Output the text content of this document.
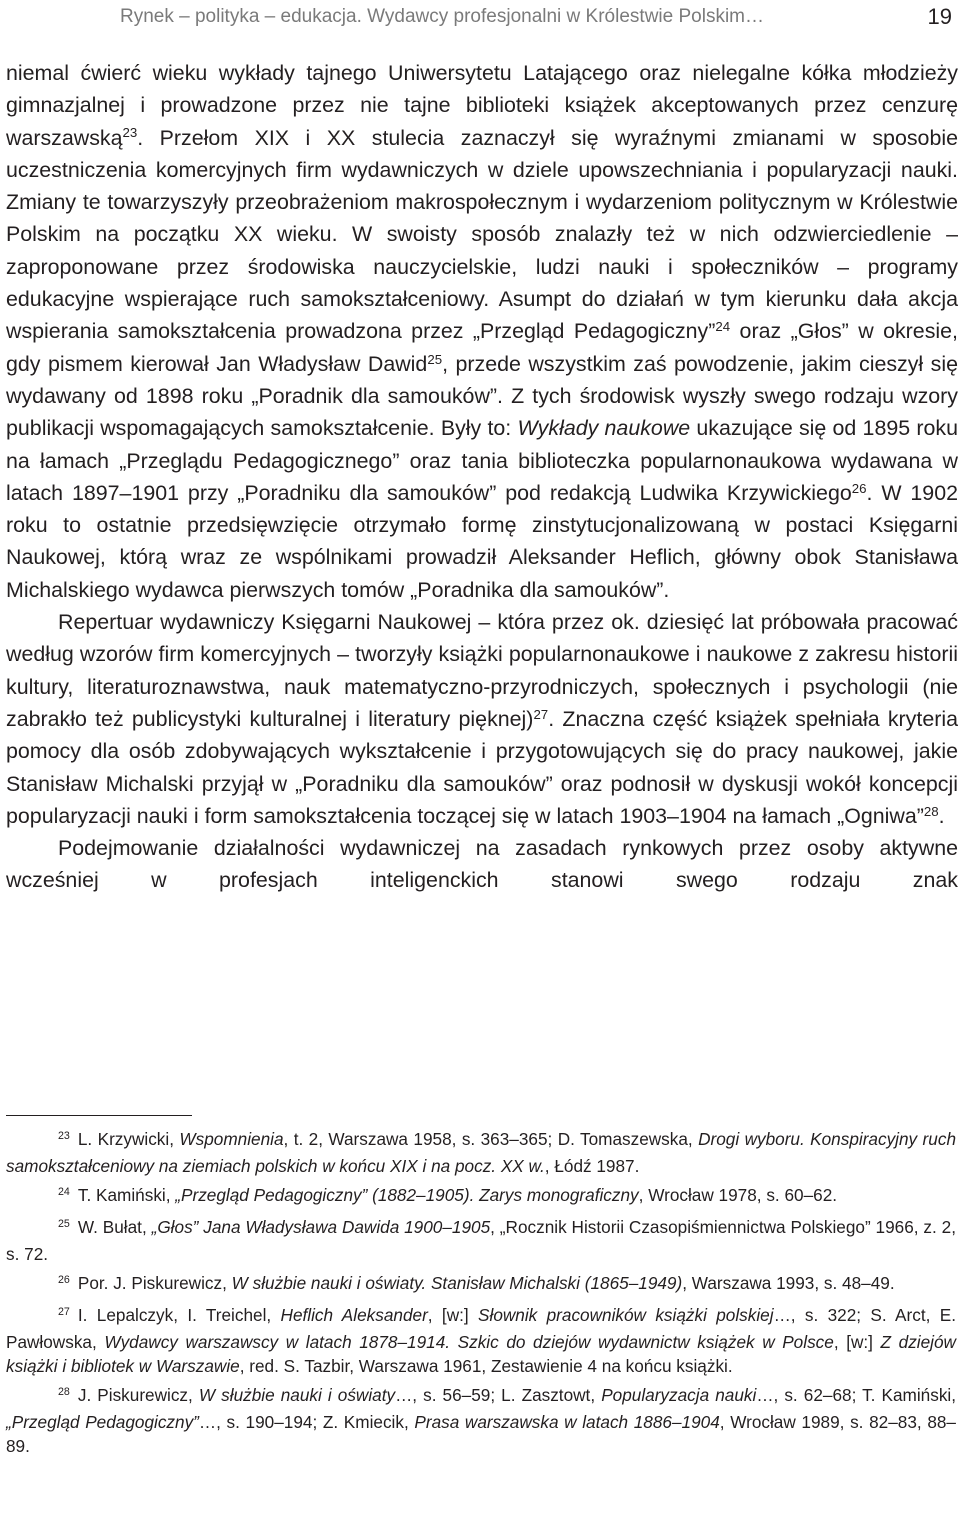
Rynek – polityka – edukacja. Wydawcy profesjonalni w Królestwie Polskim…	19

niemal ćwierć wieku wykłady tajnego Uniwersytetu Latającego oraz nielegalne kółka młodzieży gimnazjalnej i prowadzone przez nie tajne biblioteki książek akceptowanych przez cenzurę warszawską$^{23}$. Przełom XIX i XX stulecia zaznaczył się wyraźnymi zmianami w sposobie uczestniczenia komercyjnych firm wydawniczych w dziele upowszechniania i popularyzacji nauki. Zmiany te towarzyszyły przeobrażeniom makrospołecznym i wydarzeniom politycznym w Królestwie Polskim na początku XX wieku. W swoisty sposób znalazły też w nich odzwierciedlenie – zaproponowane przez środowiska nauczycielskie, ludzi nauki i społeczników – programy edukacyjne wspierające ruch samokształceniowy. Asumpt do działań w tym kierunku dała akcja wspierania samokształcenia prowadzona przez „Przegląd Pedagogiczny”$^{24}$ oraz „Głos” w okresie, gdy pismem kierował Jan Władysław Dawid$^{25}$, przede wszystkim zaś powodzenie, jakim cieszył się wydawany od 1898 roku „Poradnik dla samouków”. Z tych środowisk wyszły swego rodzaju wzory publikacji wspomagających samokształcenie. Były to: Wykłady naukowe ukazujące się od 1895 roku na łamach „Przeglądu Pedagogicznego” oraz tania biblioteczka popularnonaukowa wydawana w latach 1897–1901 przy „Poradniku dla samouków” pod redakcją Ludwika Krzywickiego$^{26}$. W 1902 roku to ostatnie przedsięwzięcie otrzymało formę zinstytucjonalizowaną w postaci Księgarni Naukowej, którą wraz ze wspólnikami prowadził Aleksander Heflich, główny obok Stanisława Michalskiego wydawca pierwszych tomów „Poradnika dla samouków”.

Repertuar wydawniczy Księgarni Naukowej – która przez ok. dziesięć lat próbowała pracować według wzorów firm komercyjnych – tworzyły książki popularnonaukowe i naukowe z zakresu historii kultury, literaturoznawstwa, nauk matematyczno-przyrodniczych, społecznych i psychologii (nie zabrakło też publicystyki kulturalnej i literatury pięknej)$^{27}$. Znaczna część książek spełniała kryteria pomocy dla osób zdobywających wykształcenie i przygotowujących się do pracy naukowej, jakie Stanisław Michalski przyjął w „Poradniku dla samouków” oraz podnosił w dyskusji wokół koncepcji popularyzacji nauki i form samokształcenia toczącej się w latach 1903–1904 na łamach „Ogniwa”$^{28}$.

Podejmowanie działalności wydawniczej na zasadach rynkowych przez osoby aktywne wcześniej w profesjach inteligenckich stanowi swego rodzaju znak

$^{23}$ L. Krzywicki, Wspomnienia, t. 2, Warszawa 1958, s. 363–365; D. Tomaszewska, Drogi wyboru. Konspiracyjny ruch samokształceniowy na ziemiach polskich w końcu XIX i na pocz. XX w., Łódź 1987.

$^{24}$ T. Kamiński, „Przegląd Pedagogiczny” (1882–1905). Zarys monograficzny, Wrocław 1978, s. 60–62.

$^{25}$ W. Bułat, „Głos” Jana Władysława Dawida 1900–1905, „Rocznik Historii Czasopiśmiennictwa Polskiego” 1966, z. 2, s. 72.

$^{26}$ Por. J. Piskurewicz, W służbie nauki i oświaty. Stanisław Michalski (1865–1949), Warszawa 1993, s. 48–49.

$^{27}$ I. Lepalczyk, I. Treichel, Heflich Aleksander, [w:] Słownik pracowników książki polskiej…, s. 322; S. Arct, E. Pawłowska, Wydawcy warszawscy w latach 1878–1914. Szkic do dziejów wydawnictw książek w Polsce, [w:] Z dziejów książki i bibliotek w Warszawie, red. S. Tazbir, Warszawa 1961, Zestawienie 4 na końcu książki.

$^{28}$ J. Piskurewicz, W służbie nauki i oświaty…, s. 56–59; L. Zasztowt, Popularyzacja nauki…, s. 62–68; T. Kamiński, „Przegląd Pedagogiczny”…, s. 190–194; Z. Kmiecik, Prasa warszawska w latach 1886–1904, Wrocław 1989, s. 82–83, 88–89.
